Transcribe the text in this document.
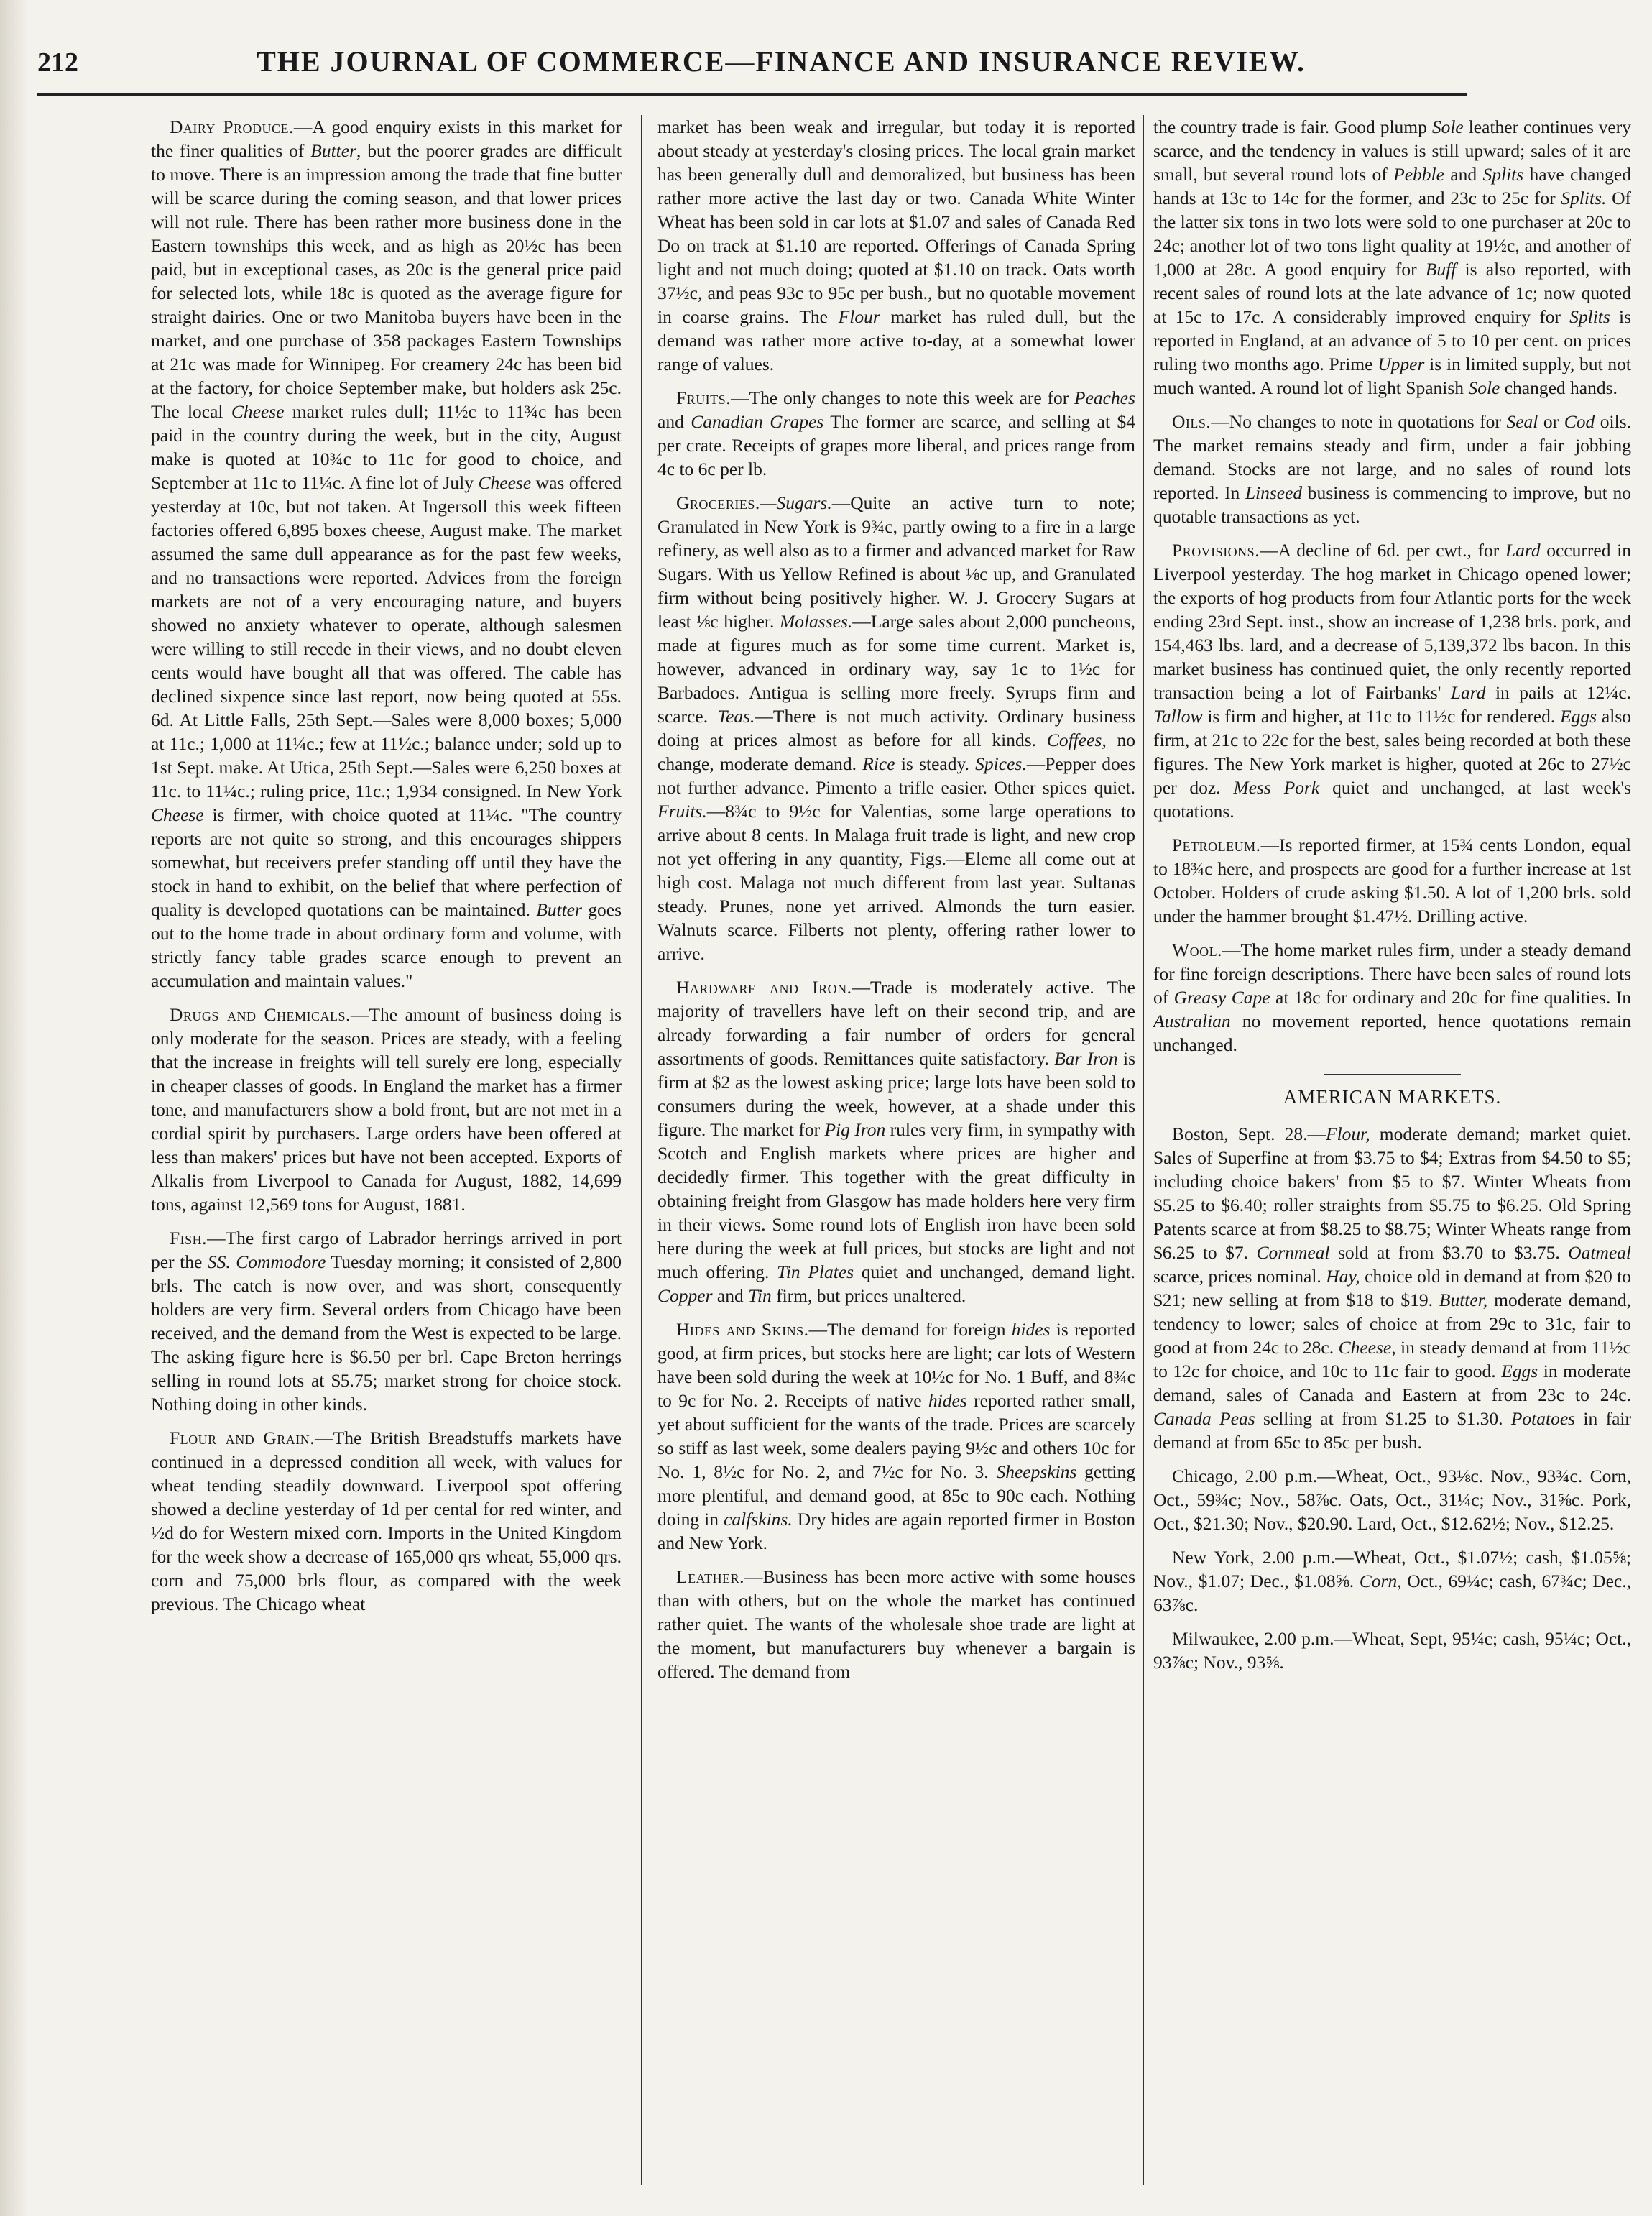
212	THE JOURNAL OF COMMERCE—FINANCE AND INSURANCE REVIEW.

Dairy Produce.—A good enquiry exists in this market for the finer qualities of Butter, but the poorer grades are difficult to move. There is an impression among the trade that fine butter will be scarce during the coming season, and that lower prices will not rule. There has been rather more business done in the Eastern townships this week, and as high as 20½c has been paid, but in exceptional cases, as 20c is the general price paid for selected lots, while 18c is quoted as the average figure for straight dairies. One or two Manitoba buyers have been in the market, and one purchase of 358 packages Eastern Townships at 21c was made for Winnipeg. For creamery 24c has been bid at the factory, for choice September make, but holders ask 25c. The local Cheese market rules dull; 11½c to 11¾c has been paid in the country during the week, but in the city, August make is quoted at 10¾c to 11c for good to choice, and September at 11c to 11¼c. A fine lot of July Cheese was offered yesterday at 10c, but not taken. At Ingersoll this week fifteen factories offered 6,895 boxes cheese, August make. The market assumed the same dull appearance as for the past few weeks, and no transactions were reported. Advices from the foreign markets are not of a very encouraging nature, and buyers showed no anxiety whatever to operate, although salesmen were willing to still recede in their views, and no doubt eleven cents would have bought all that was offered. The cable has declined sixpence since last report, now being quoted at 55s. 6d. At Little Falls, 25th Sept.—Sales were 8,000 boxes; 5,000 at 11c.; 1,000 at 11¼c.; few at 11½c.; balance under; sold up to 1st Sept. make. At Utica, 25th Sept.—Sales were 6,250 boxes at 11c. to 11¼c.; ruling price, 11c.; 1,934 consigned. In New York Cheese is firmer, with choice quoted at 11¼c. "The country reports are not quite so strong, and this encourages shippers somewhat, but receivers prefer standing off until they have the stock in hand to exhibit, on the belief that where perfection of quality is developed quotations can be maintained. Butter goes out to the home trade in about ordinary form and volume, with strictly fancy table grades scarce enough to prevent an accumulation and maintain values."

Drugs and Chemicals.—The amount of business doing is only moderate for the season. Prices are steady, with a feeling that the increase in freights will tell surely ere long, especially in cheaper classes of goods. In England the market has a firmer tone, and manufacturers show a bold front, but are not met in a cordial spirit by purchasers. Large orders have been offered at less than makers' prices but have not been accepted. Exports of Alkalis from Liverpool to Canada for August, 1882, 14,699 tons, against 12,569 tons for August, 1881.

Fish.—The first cargo of Labrador herrings arrived in port per the SS. Commodore Tuesday morning; it consisted of 2,800 brls. The catch is now over, and was short, consequently holders are very firm. Several orders from Chicago have been received, and the demand from the West is expected to be large. The asking figure here is $6.50 per brl. Cape Breton herrings selling in round lots at $5.75; market strong for choice stock. Nothing doing in other kinds.

Flour and Grain.—The British Breadstuffs markets have continued in a depressed condition all week, with values for wheat tending steadily downward. Liverpool spot offering showed a decline yesterday of 1d per cental for red winter, and ½d do for Western mixed corn. Imports in the United Kingdom for the week show a decrease of 165,000 qrs wheat, 55,000 qrs. corn and 75,000 brls flour, as compared with the week previous. The Chicago wheat

market has been weak and irregular, but today it is reported about steady at yesterday's closing prices. The local grain market has been generally dull and demoralized, but business has been rather more active the last day or two. Canada White Winter Wheat has been sold in car lots at $1.07 and sales of Canada Red Do on track at $1.10 are reported. Offerings of Canada Spring light and not much doing; quoted at $1.10 on track. Oats worth 37½c, and peas 93c to 95c per bush., but no quotable movement in coarse grains. The Flour market has ruled dull, but the demand was rather more active to-day, at a somewhat lower range of values.

Fruits.—The only changes to note this week are for Peaches and Canadian Grapes The former are scarce, and selling at $4 per crate. Receipts of grapes more liberal, and prices range from 4c to 6c per lb.

Groceries.—Sugars.—Quite an active turn to note; Granulated in New York is 9¾c, partly owing to a fire in a large refinery, as well also as to a firmer and advanced market for Raw Sugars. With us Yellow Refined is about ⅛c up, and Granulated firm without being positively higher. W. J. Grocery Sugars at least ⅛c higher. Molasses.—Large sales about 2,000 puncheons, made at figures much as for some time current. Market is, however, advanced in ordinary way, say 1c to 1½c for Barbadoes. Antigua is selling more freely. Syrups firm and scarce. Teas.—There is not much activity. Ordinary business doing at prices almost as before for all kinds. Coffees, no change, moderate demand. Rice is steady. Spices.—Pepper does not further advance. Pimento a trifle easier. Other spices quiet. Fruits.—8¾c to 9½c for Valentias, some large operations to arrive about 8 cents. In Malaga fruit trade is light, and new crop not yet offering in any quantity, Figs.—Eleme all come out at high cost. Malaga not much different from last year. Sultanas steady. Prunes, none yet arrived. Almonds the turn easier. Walnuts scarce. Filberts not plenty, offering rather lower to arrive.

Hardware and Iron.—Trade is moderately active. The majority of travellers have left on their second trip, and are already forwarding a fair number of orders for general assortments of goods. Remittances quite satisfactory. Bar Iron is firm at $2 as the lowest asking price; large lots have been sold to consumers during the week, however, at a shade under this figure. The market for Pig Iron rules very firm, in sympathy with Scotch and English markets where prices are higher and decidedly firmer. This together with the great difficulty in obtaining freight from Glasgow has made holders here very firm in their views. Some round lots of English iron have been sold here during the week at full prices, but stocks are light and not much offering. Tin Plates quiet and unchanged, demand light. Copper and Tin firm, but prices unaltered.

Hides and Skins.—The demand for foreign hides is reported good, at firm prices, but stocks here are light; car lots of Western have been sold during the week at 10½c for No. 1 Buff, and 8¾c to 9c for No. 2. Receipts of native hides reported rather small, yet about sufficient for the wants of the trade. Prices are scarcely so stiff as last week, some dealers paying 9½c and others 10c for No. 1, 8½c for No. 2, and 7½c for No. 3. Sheepskins getting more plentiful, and demand good, at 85c to 90c each. Nothing doing in calfskins. Dry hides are again reported firmer in Boston and New York.

Leather.—Business has been more active with some houses than with others, but on the whole the market has continued rather quiet. The wants of the wholesale shoe trade are light at the moment, but manufacturers buy whenever a bargain is offered. The demand from

the country trade is fair. Good plump Sole leather continues very scarce, and the tendency in values is still upward; sales of it are small, but several round lots of Pebble and Splits have changed hands at 13c to 14c for the former, and 23c to 25c for Splits. Of the latter six tons in two lots were sold to one purchaser at 20c to 24c; another lot of two tons light quality at 19½c, and another of 1,000 at 28c. A good enquiry for Buff is also reported, with recent sales of round lots at the late advance of 1c; now quoted at 15c to 17c. A considerably improved enquiry for Splits is reported in England, at an advance of 5 to 10 per cent. on prices ruling two months ago. Prime Upper is in limited supply, but not much wanted. A round lot of light Spanish Sole changed hands.

Oils.—No changes to note in quotations for Seal or Cod oils. The market remains steady and firm, under a fair jobbing demand. Stocks are not large, and no sales of round lots reported. In Linseed business is commencing to improve, but no quotable transactions as yet.

Provisions.—A decline of 6d. per cwt., for Lard occurred in Liverpool yesterday. The hog market in Chicago opened lower; the exports of hog products from four Atlantic ports for the week ending 23rd Sept. inst., show an increase of 1,238 brls. pork, and 154,463 lbs. lard, and a decrease of 5,139,372 lbs bacon. In this market business has continued quiet, the only recently reported transaction being a lot of Fairbanks' Lard in pails at 12¼c. Tallow is firm and higher, at 11c to 11½c for rendered. Eggs also firm, at 21c to 22c for the best, sales being recorded at both these figures. The New York market is higher, quoted at 26c to 27½c per doz. Mess Pork quiet and unchanged, at last week's quotations.

Petroleum.—Is reported firmer, at 15¾ cents London, equal to 18¾c here, and prospects are good for a further increase at 1st October. Holders of crude asking $1.50. A lot of 1,200 brls. sold under the hammer brought $1.47½. Drilling active.

Wool.—The home market rules firm, under a steady demand for fine foreign descriptions. There have been sales of round lots of Greasy Cape at 18c for ordinary and 20c for fine qualities. In Australian no movement reported, hence quotations remain unchanged.

AMERICAN MARKETS.

Boston, Sept. 28.—Flour, moderate demand; market quiet. Sales of Superfine at from $3.75 to $4; Extras from $4.50 to $5; including choice bakers' from $5 to $7. Winter Wheats from $5.25 to $6.40; roller straights from $5.75 to $6.25. Old Spring Patents scarce at from $8.25 to $8.75; Winter Wheats range from $6.25 to $7. Cornmeal sold at from $3.70 to $3.75. Oatmeal scarce, prices nominal. Hay, choice old in demand at from $20 to $21; new selling at from $18 to $19. Butter, moderate demand, tendency to lower; sales of choice at from 29c to 31c, fair to good at from 24c to 28c. Cheese, in steady demand at from 11½c to 12c for choice, and 10c to 11c fair to good. Eggs in moderate demand, sales of Canada and Eastern at from 23c to 24c. Canada Peas selling at from $1.25 to $1.30. Potatoes in fair demand at from 65c to 85c per bush.

Chicago, 2.00 p.m.—Wheat, Oct., 93⅛c. Nov., 93¾c. Corn, Oct., 59¾c; Nov., 58⅞c. Oats, Oct., 31¼c; Nov., 31⅝c. Pork, Oct., $21.30; Nov., $20.90. Lard, Oct., $12.62½; Nov., $12.25.

New York, 2.00 p.m.—Wheat, Oct., $1.07½; cash, $1.05⅝; Nov., $1.07; Dec., $1.08⅝. Corn, Oct., 69¼c; cash, 67¾c; Dec., 63⅞c.

Milwaukee, 2.00 p.m.—Wheat, Sept, 95¼c; cash, 95¼c; Oct., 93⅞c; Nov., 93⅝.
